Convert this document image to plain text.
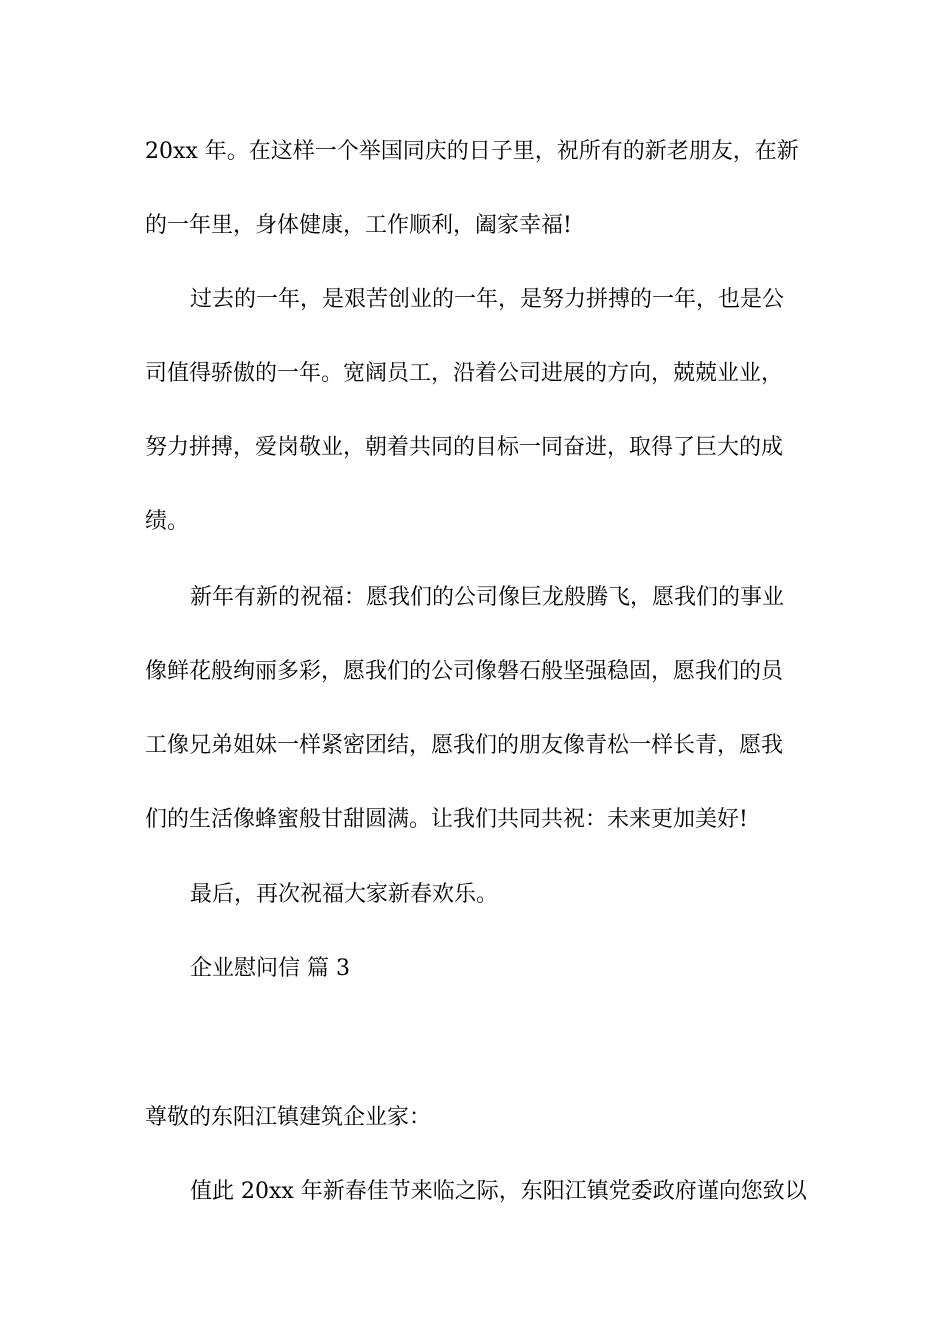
20xx 年。在这样一个举国同庆的日子里，祝所有的新老朋友，在新
的一年里，身体健康，工作顺利，阖家幸福!
过去的一年，是艰苦创业的一年，是努力拼搏的一年，也是公
司值得骄傲的一年。宽阔员工，沿着公司进展的方向，兢兢业业，
努力拼搏，爱岗敬业，朝着共同的目标一同奋进，取得了巨大的成
绩。
新年有新的祝福：愿我们的公司像巨龙般腾飞，愿我们的事业
像鲜花般绚丽多彩，愿我们的公司像磐石般坚强稳固，愿我们的员
工像兄弟姐妹一样紧密团结，愿我们的朋友像青松一样长青，愿我
们的生活像蜂蜜般甘甜圆满。让我们共同共祝：未来更加美好!
最后，再次祝福大家新春欢乐。
企业慰问信 篇 3
尊敬的东阳江镇建筑企业家：
值此 20xx 年新春佳节来临之际，东阳江镇党委政府谨向您致以
